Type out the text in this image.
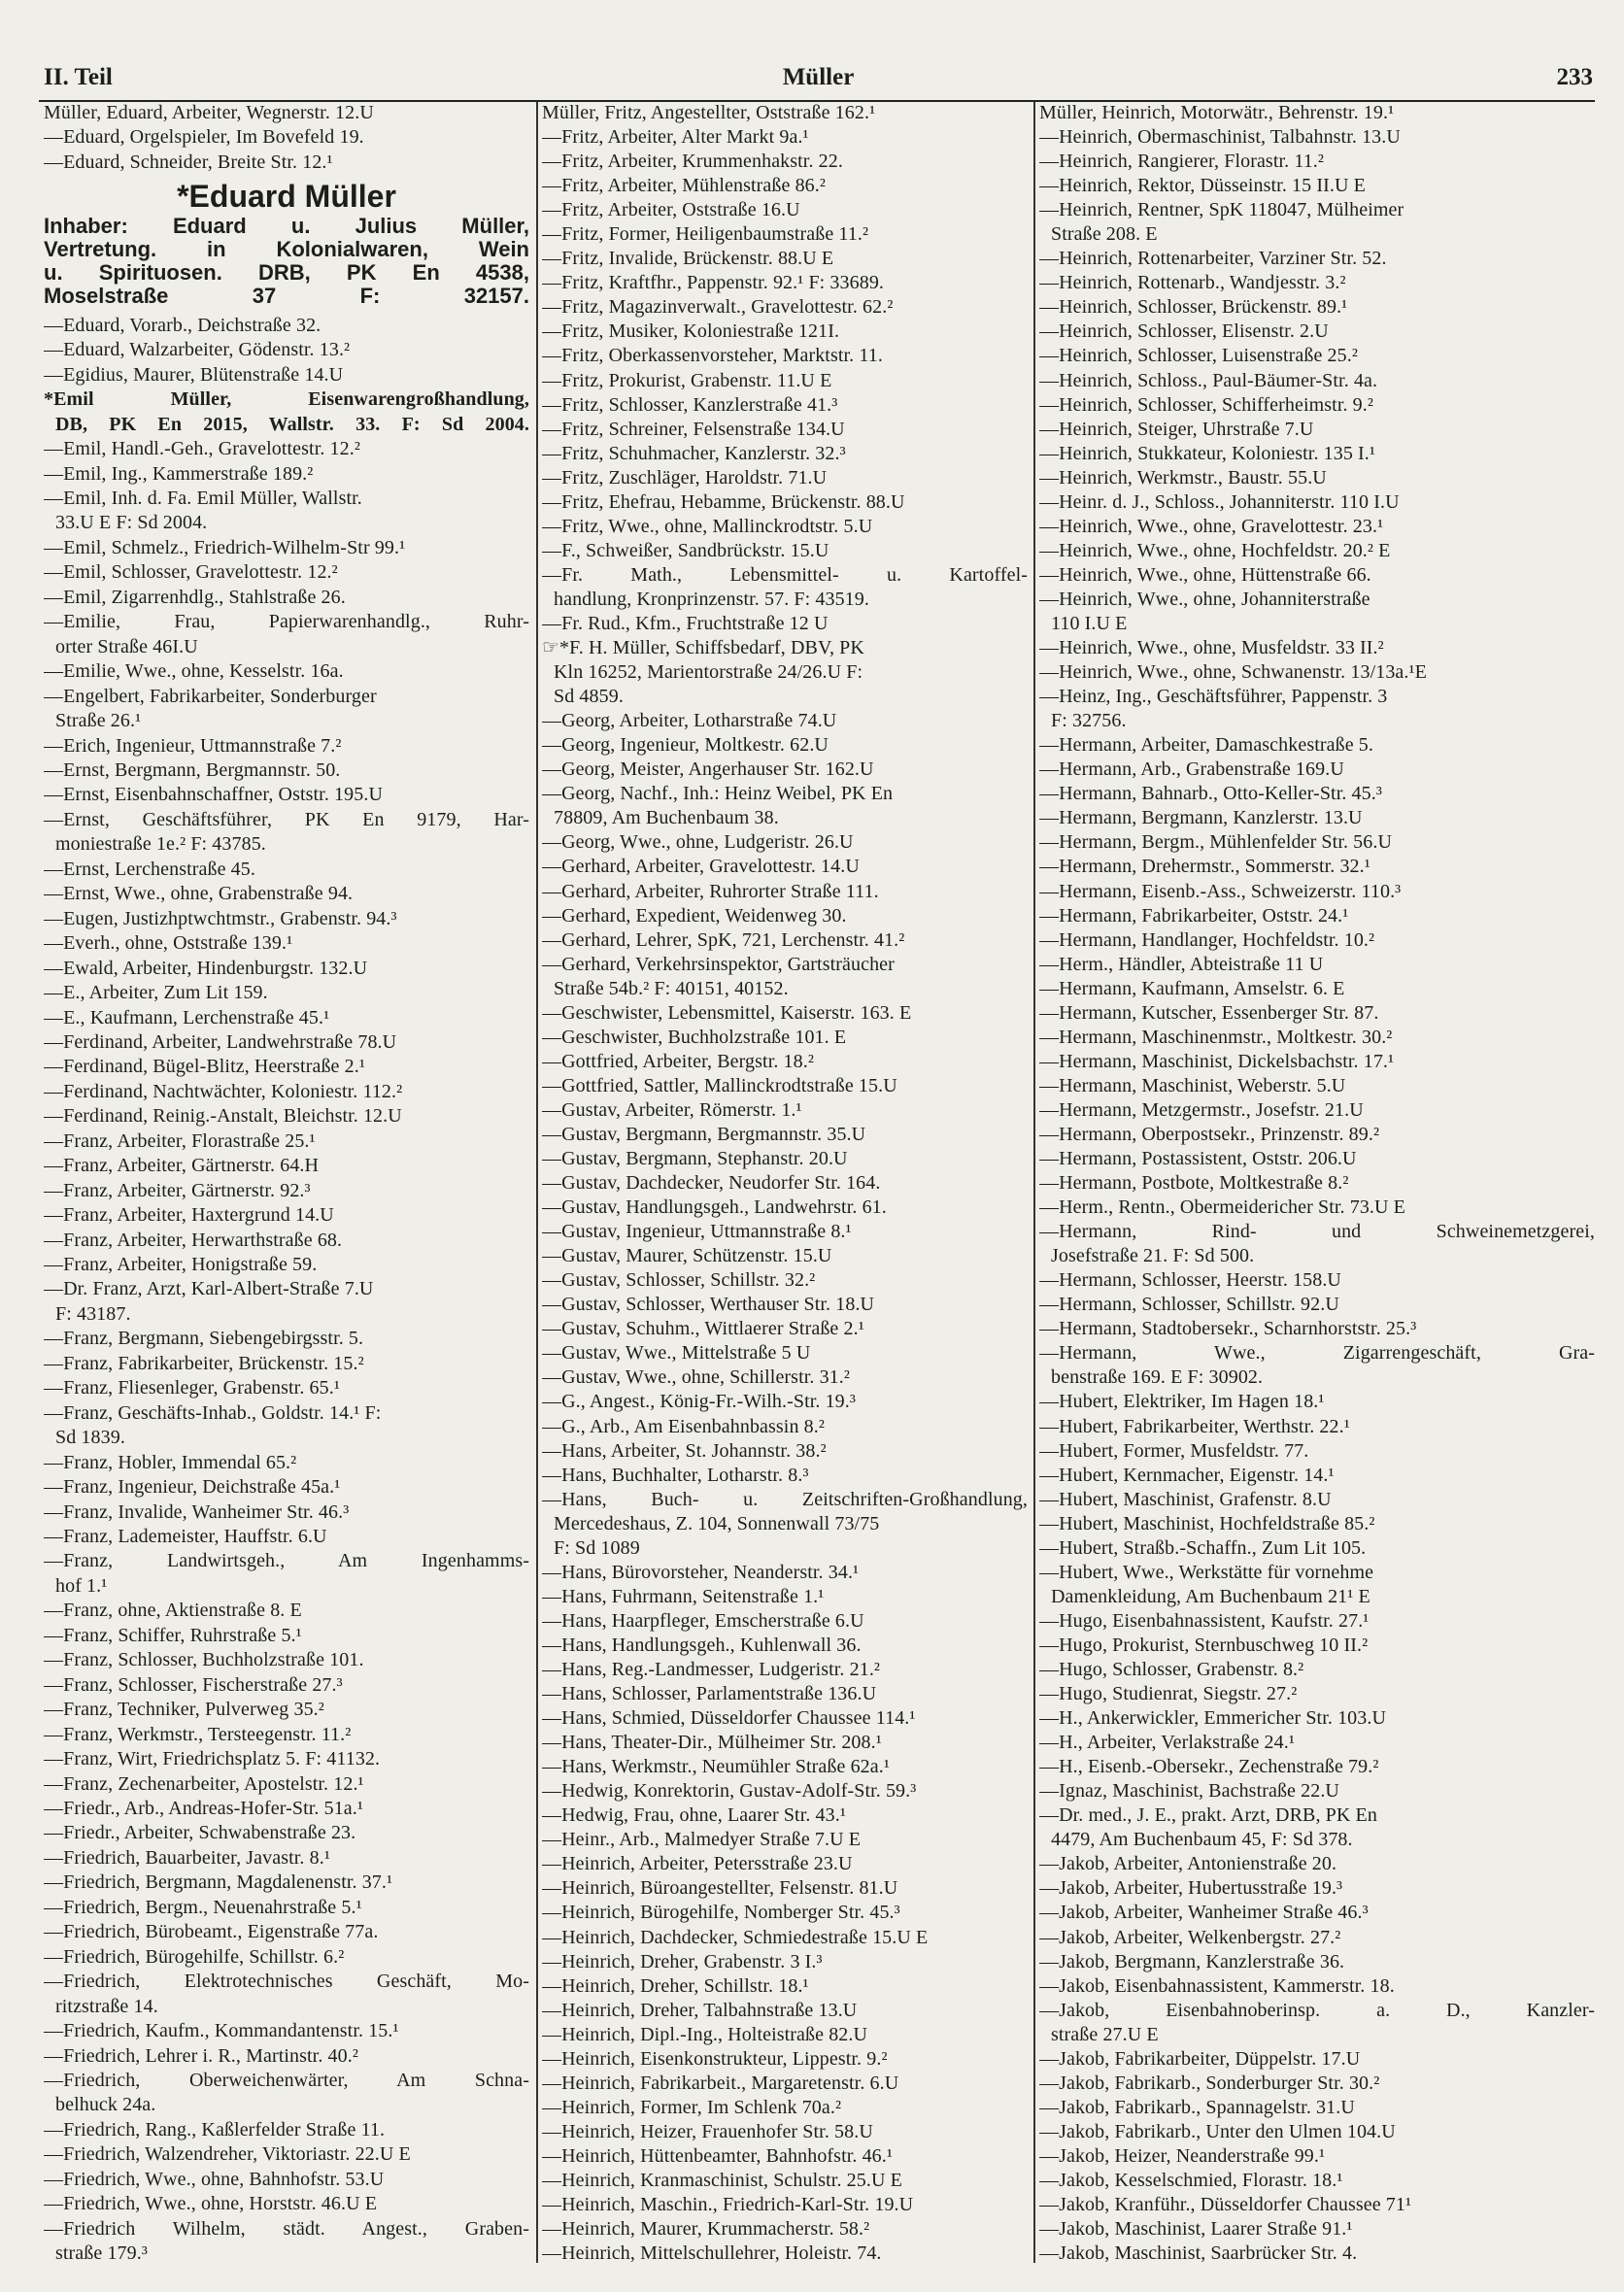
II. Teil	Müller	233
Müller, Eduard, Arbeiter, Wegnerstr. 12.U
—Eduard, Orgelspieler, Im Bovefeld 19.
—Eduard, Schneider, Breite Str. 12.¹
*Eduard Müller
Inhaber: Eduard u. Julius Müller,
Vertretung. in Kolonialwaren, Wein
u. Spirituosen. DRB, PK En 4538,
Moselstraße 37 F: 32157.
—Eduard, Vorarb., Deichstraße 32.
—Eduard, Walzarbeiter, Gödenstr. 13.²
—Egidius, Maurer, Blütenstraße 14.U
*Emil Müller, Eisenwarengroßhandlung,
DB, PK En 2015, Wallstr. 33. F: Sd 2004.
—Emil, Handl.-Geh., Gravelottestr. 12.²
—Emil, Ing., Kammerstraße 189.²
—Emil, Inh. d. Fa. Emil Müller, Wallstr.
33.U E F: Sd 2004.
—Emil, Schmelz., Friedrich-Wilhelm-Str 99.¹
—Emil, Schlosser, Gravelottestr. 12.²
—Emil, Zigarrenhdlg., Stahlstraße 26.
—Emilie, Frau, Papierwarenhandlg., Ruhr-
orter Straße 46I.U
—Emilie, Wwe., ohne, Kesselstr. 16a.
—Engelbert, Fabrikarbeiter, Sonderburger
Straße 26.¹
—Erich, Ingenieur, Uttmannstraße 7.²
—Ernst, Bergmann, Bergmannstr. 50.
—Ernst, Eisenbahnschaffner, Oststr. 195.U
—Ernst, Geschäftsführer, PK En 9179, Har-
moniestraße 1e.² F: 43785.
—Ernst, Lerchenstraße 45.
—Ernst, Wwe., ohne, Grabenstraße 94.
—Eugen, Justizhptwchtmstr., Grabenstr. 94.³
—Everh., ohne, Oststraße 139.¹
—Ewald, Arbeiter, Hindenburgstr. 132.U
—E., Arbeiter, Zum Lit 159.
—E., Kaufmann, Lerchenstraße 45.¹
—Ferdinand, Arbeiter, Landwehrstraße 78.U
—Ferdinand, Bügel-Blitz, Heerstraße 2.¹
—Ferdinand, Nachtwächter, Koloniestr. 112.²
—Ferdinand, Reinig.-Anstalt, Bleichstr. 12.U
—Franz, Arbeiter, Florastraße 25.¹
—Franz, Arbeiter, Gärtnerstr. 64.H
—Franz, Arbeiter, Gärtnerstr. 92.³
—Franz, Arbeiter, Haxtergrund 14.U
—Franz, Arbeiter, Herwarthstraße 68.
—Franz, Arbeiter, Honigstraße 59.
—Dr. Franz, Arzt, Karl-Albert-Straße 7.U
F: 43187.
—Franz, Bergmann, Siebengebirgsstr. 5.
—Franz, Fabrikarbeiter, Brückenstr. 15.²
—Franz, Fliesenleger, Grabenstr. 65.¹
—Franz, Geschäfts-Inhab., Goldstr. 14.¹ F:
Sd 1839.
—Franz, Hobler, Immendal 65.²
—Franz, Ingenieur, Deichstraße 45a.¹
—Franz, Invalide, Wanheimer Str. 46.³
—Franz, Lademeister, Hauffstr. 6.U
—Franz, Landwirtsgeh., Am Ingenhamms-
hof 1.¹
—Franz, ohne, Aktienstraße 8. E
—Franz, Schiffer, Ruhrstraße 5.¹
—Franz, Schlosser, Buchholzstraße 101.
—Franz, Schlosser, Fischerstraße 27.³
—Franz, Techniker, Pulverweg 35.²
—Franz, Werkmstr., Tersteegenstr. 11.²
—Franz, Wirt, Friedrichsplatz 5. F: 41132.
—Franz, Zechenarbeiter, Apostelstr. 12.¹
—Friedr., Arb., Andreas-Hofer-Str. 51a.¹
—Friedr., Arbeiter, Schwabenstraße 23.
—Friedrich, Bauarbeiter, Javastr. 8.¹
—Friedrich, Bergmann, Magdalenenstr. 37.¹
—Friedrich, Bergm., Neuenahrstraße 5.¹
—Friedrich, Bürobeamt., Eigenstraße 77a.
—Friedrich, Bürogehilfe, Schillstr. 6.²
—Friedrich, Elektrotechnisches Geschäft, Mo-
ritzstraße 14.
—Friedrich, Kaufm., Kommandantenstr. 15.¹
—Friedrich, Lehrer i. R., Martinstr. 40.²
—Friedrich, Oberweichenwärter, Am Schna-
belhuck 24a.
—Friedrich, Rang., Kaßlerfelder Straße 11.
—Friedrich, Walzendreher, Viktoriastr. 22.U E
—Friedrich, Wwe., ohne, Bahnhofstr. 53.U
—Friedrich, Wwe., ohne, Horststr. 46.U E
—Friedrich Wilhelm, städt. Angest., Graben-
straße 179.³
Müller, Fritz, Angestellter, Oststraße 162.¹
—Fritz, Arbeiter, Alter Markt 9a.¹
—Fritz, Arbeiter, Krummenhakstr. 22.
—Fritz, Arbeiter, Mühlenstraße 86.²
—Fritz, Arbeiter, Oststraße 16.U
—Fritz, Former, Heiligenbaumstraße 11.²
—Fritz, Invalide, Brückenstr. 88.U E
—Fritz, Kraftfhr., Pappenstr. 92.¹ F: 33689.
—Fritz, Magazinverwalt., Gravelottestr. 62.²
—Fritz, Musiker, Koloniestraße 121I.
—Fritz, Oberkassenvorsteher, Marktstr. 11.
—Fritz, Prokurist, Grabenstr. 11.U E
—Fritz, Schlosser, Kanzlerstraße 41.³
—Fritz, Schreiner, Felsenstraße 134.U
—Fritz, Schuhmacher, Kanzlerstr. 32.³
—Fritz, Zuschläger, Haroldstr. 71.U
—Fritz, Ehefrau, Hebamme, Brückenstr. 88.U
—Fritz, Wwe., ohne, Mallinckrodtstr. 5.U
—F., Schweißer, Sandbrückstr. 15.U
—Fr. Math., Lebensmittel- u. Kartoffel-
handlung, Kronprinzenstr. 57. F: 43519.
—Fr. Rud., Kfm., Fruchtstraße 12 U
☞*F. H. Müller, Schiffsbedarf, DBV, PK
Kln 16252, Marientorstraße 24/26.U F:
Sd 4859.
—Georg, Arbeiter, Lotharstraße 74.U
—Georg, Ingenieur, Moltkestr. 62.U
—Georg, Meister, Angerhauser Str. 162.U
—Georg, Nachf., Inh.: Heinz Weibel, PK En
78809, Am Buchenbaum 38.
—Georg, Wwe., ohne, Ludgeristr. 26.U
—Gerhard, Arbeiter, Gravelottestr. 14.U
—Gerhard, Arbeiter, Ruhrorter Straße 111.
—Gerhard, Expedient, Weidenweg 30.
—Gerhard, Lehrer, SpK, 721, Lerchenstr. 41.²
—Gerhard, Verkehrsinspektor, Gartsträucher
Straße 54b.² F: 40151, 40152.
—Geschwister, Lebensmittel, Kaiserstr. 163. E
—Geschwister, Buchholzstraße 101. E
—Gottfried, Arbeiter, Bergstr. 18.²
—Gottfried, Sattler, Mallinckrodtstraße 15.U
—Gustav, Arbeiter, Römerstr. 1.¹
—Gustav, Bergmann, Bergmannstr. 35.U
—Gustav, Bergmann, Stephanstr. 20.U
—Gustav, Dachdecker, Neudorfer Str. 164.
—Gustav, Handlungsgeh., Landwehrstr. 61.
—Gustav, Ingenieur, Uttmannstraße 8.¹
—Gustav, Maurer, Schützenstr. 15.U
—Gustav, Schlosser, Schillstr. 32.²
—Gustav, Schlosser, Werthauser Str. 18.U
—Gustav, Schuhm., Wittlaerer Straße 2.¹
—Gustav, Wwe., Mittelstraße 5 U
—Gustav, Wwe., ohne, Schillerstr. 31.²
—G., Angest., König-Fr.-Wilh.-Str. 19.³
—G., Arb., Am Eisenbahnbassin 8.²
—Hans, Arbeiter, St. Johannstr. 38.²
—Hans, Buchhalter, Lotharstr. 8.³
—Hans, Buch- u. Zeitschriften-Großhandlung,
Mercedeshaus, Z. 104, Sonnenwall 73/75
F: Sd 1089
—Hans, Bürovorsteher, Neanderstr. 34.¹
—Hans, Fuhrmann, Seitenstraße 1.¹
—Hans, Haarpfleger, Emscherstraße 6.U
—Hans, Handlungsgeh., Kuhlenwall 36.
—Hans, Reg.-Landmesser, Ludgeristr. 21.²
—Hans, Schlosser, Parlamentstraße 136.U
—Hans, Schmied, Düsseldorfer Chaussee 114.¹
—Hans, Theater-Dir., Mülheimer Str. 208.¹
—Hans, Werkmstr., Neumühler Straße 62a.¹
—Hedwig, Konrektorin, Gustav-Adolf-Str. 59.³
—Hedwig, Frau, ohne, Laarer Str. 43.¹
—Heinr., Arb., Malmedyer Straße 7.U E
—Heinrich, Arbeiter, Petersstraße 23.U
—Heinrich, Büroangestellter, Felsenstr. 81.U
—Heinrich, Bürogehilfe, Nomberger Str. 45.³
—Heinrich, Dachdecker, Schmiedestraße 15.U E
—Heinrich, Dreher, Grabenstr. 3 I.³
—Heinrich, Dreher, Schillstr. 18.¹
—Heinrich, Dreher, Talbahnstraße 13.U
—Heinrich, Dipl.-Ing., Holteistraße 82.U
—Heinrich, Eisenkonstrukteur, Lippestr. 9.²
—Heinrich, Fabrikarbeit., Margaretenstr. 6.U
—Heinrich, Former, Im Schlenk 70a.²
—Heinrich, Heizer, Frauenhofer Str. 58.U
—Heinrich, Hüttenbeamter, Bahnhofstr. 46.¹
—Heinrich, Kranmaschinist, Schulstr. 25.U E
—Heinrich, Maschin., Friedrich-Karl-Str. 19.U
—Heinrich, Maurer, Krummacherstr. 58.²
—Heinrich, Mittelschullehrer, Holeistr. 74.
Müller, Heinrich, Motorwätr., Behrenstr. 19.¹
—Heinrich, Obermaschinist, Talbahnstr. 13.U
—Heinrich, Rangierer, Florastr. 11.²
—Heinrich, Rektor, Düsseinstr. 15 II.U E
—Heinrich, Rentner, SpK 118047, Mülheimer
Straße 208. E
—Heinrich, Rottenarbeiter, Varziner Str. 52.
—Heinrich, Rottenarb., Wandjesstr. 3.²
—Heinrich, Schlosser, Brückenstr. 89.¹
—Heinrich, Schlosser, Elisenstr. 2.U
—Heinrich, Schlosser, Luisenstraße 25.²
—Heinrich, Schloss., Paul-Bäumer-Str. 4a.
—Heinrich, Schlosser, Schifferheimstr. 9.²
—Heinrich, Steiger, Uhrstraße 7.U
—Heinrich, Stukkateur, Koloniestr. 135 I.¹
—Heinrich, Werkmstr., Baustr. 55.U
—Heinr. d. J., Schloss., Johanniterstr. 110 I.U
—Heinrich, Wwe., ohne, Gravelottestr. 23.¹
—Heinrich, Wwe., ohne, Hochfeldstr. 20.² E
—Heinrich, Wwe., ohne, Hüttenstraße 66.
—Heinrich, Wwe., ohne, Johanniterstraße
110 I.U E
—Heinrich, Wwe., ohne, Musfeldstr. 33 II.²
—Heinrich, Wwe., ohne, Schwanenstr. 13/13a.¹E
—Heinz, Ing., Geschäftsführer, Pappenstr. 3
F: 32756.
—Hermann, Arbeiter, Damaschkestraße 5.
—Hermann, Arb., Grabenstraße 169.U
—Hermann, Bahnarb., Otto-Keller-Str. 45.³
—Hermann, Bergmann, Kanzlerstr. 13.U
—Hermann, Bergm., Mühlenfelder Str. 56.U
—Hermann, Drehermstr., Sommerstr. 32.¹
—Hermann, Eisenb.-Ass., Schweizerstr. 110.³
—Hermann, Fabrikarbeiter, Oststr. 24.¹
—Hermann, Handlanger, Hochfeldstr. 10.²
—Herm., Händler, Abteistraße 11 U
—Hermann, Kaufmann, Amselstr. 6. E
—Hermann, Kutscher, Essenberger Str. 87.
—Hermann, Maschinenmstr., Moltkestr. 30.²
—Hermann, Maschinist, Dickelsbachstr. 17.¹
—Hermann, Maschinist, Weberstr. 5.U
—Hermann, Metzgermstr., Josefstr. 21.U
—Hermann, Oberpostsekr., Prinzenstr. 89.²
—Hermann, Postassistent, Oststr. 206.U
—Hermann, Postbote, Moltkestraße 8.²
—Herm., Rentn., Obermeidericher Str. 73.U E
—Hermann, Rind- und Schweinemetzgerei,
Josefstraße 21. F: Sd 500.
—Hermann, Schlosser, Heerstr. 158.U
—Hermann, Schlosser, Schillstr. 92.U
—Hermann, Stadtobersekr., Scharnhorststr. 25.³
—Hermann, Wwe., Zigarrengeschäft, Gra-
benstraße 169. E F: 30902.
—Hubert, Elektriker, Im Hagen 18.¹
—Hubert, Fabrikarbeiter, Werthstr. 22.¹
—Hubert, Former, Musfeldstr. 77.
—Hubert, Kernmacher, Eigenstr. 14.¹
—Hubert, Maschinist, Grafenstr. 8.U
—Hubert, Maschinist, Hochfeldstraße 85.²
—Hubert, Straßb.-Schaffn., Zum Lit 105.
—Hubert, Wwe., Werkstätte für vornehme
Damenkleidung, Am Buchenbaum 21¹ E
—Hugo, Eisenbahnassistent, Kaufstr. 27.¹
—Hugo, Prokurist, Sternbuschweg 10 II.²
—Hugo, Schlosser, Grabenstr. 8.²
—Hugo, Studienrat, Siegstr. 27.²
—H., Ankerwickler, Emmericher Str. 103.U
—H., Arbeiter, Verlakstraße 24.¹
—H., Eisenb.-Obersekr., Zechenstraße 79.²
—Ignaz, Maschinist, Bachstraße 22.U
—Dr. med., J. E., prakt. Arzt, DRB, PK En
4479, Am Buchenbaum 45, F: Sd 378.
—Jakob, Arbeiter, Antonienstraße 20.
—Jakob, Arbeiter, Hubertusstraße 19.³
—Jakob, Arbeiter, Wanheimer Straße 46.³
—Jakob, Arbeiter, Welkenbergstr. 27.²
—Jakob, Bergmann, Kanzlerstraße 36.
—Jakob, Eisenbahnassistent, Kammerstr. 18.
—Jakob, Eisenbahnoberinsp. a. D., Kanzler-
straße 27.U E
—Jakob, Fabrikarbeiter, Düppelstr. 17.U
—Jakob, Fabrikarb., Sonderburger Str. 30.²
—Jakob, Fabrikarb., Spannagelstr. 31.U
—Jakob, Fabrikarb., Unter den Ulmen 104.U
—Jakob, Heizer, Neanderstraße 99.¹
—Jakob, Kesselschmied, Florastr. 18.¹
—Jakob, Kranführ., Düsseldorfer Chaussee 71¹
—Jakob, Maschinist, Laarer Straße 91.¹
—Jakob, Maschinist, Saarbrücker Str. 4.
